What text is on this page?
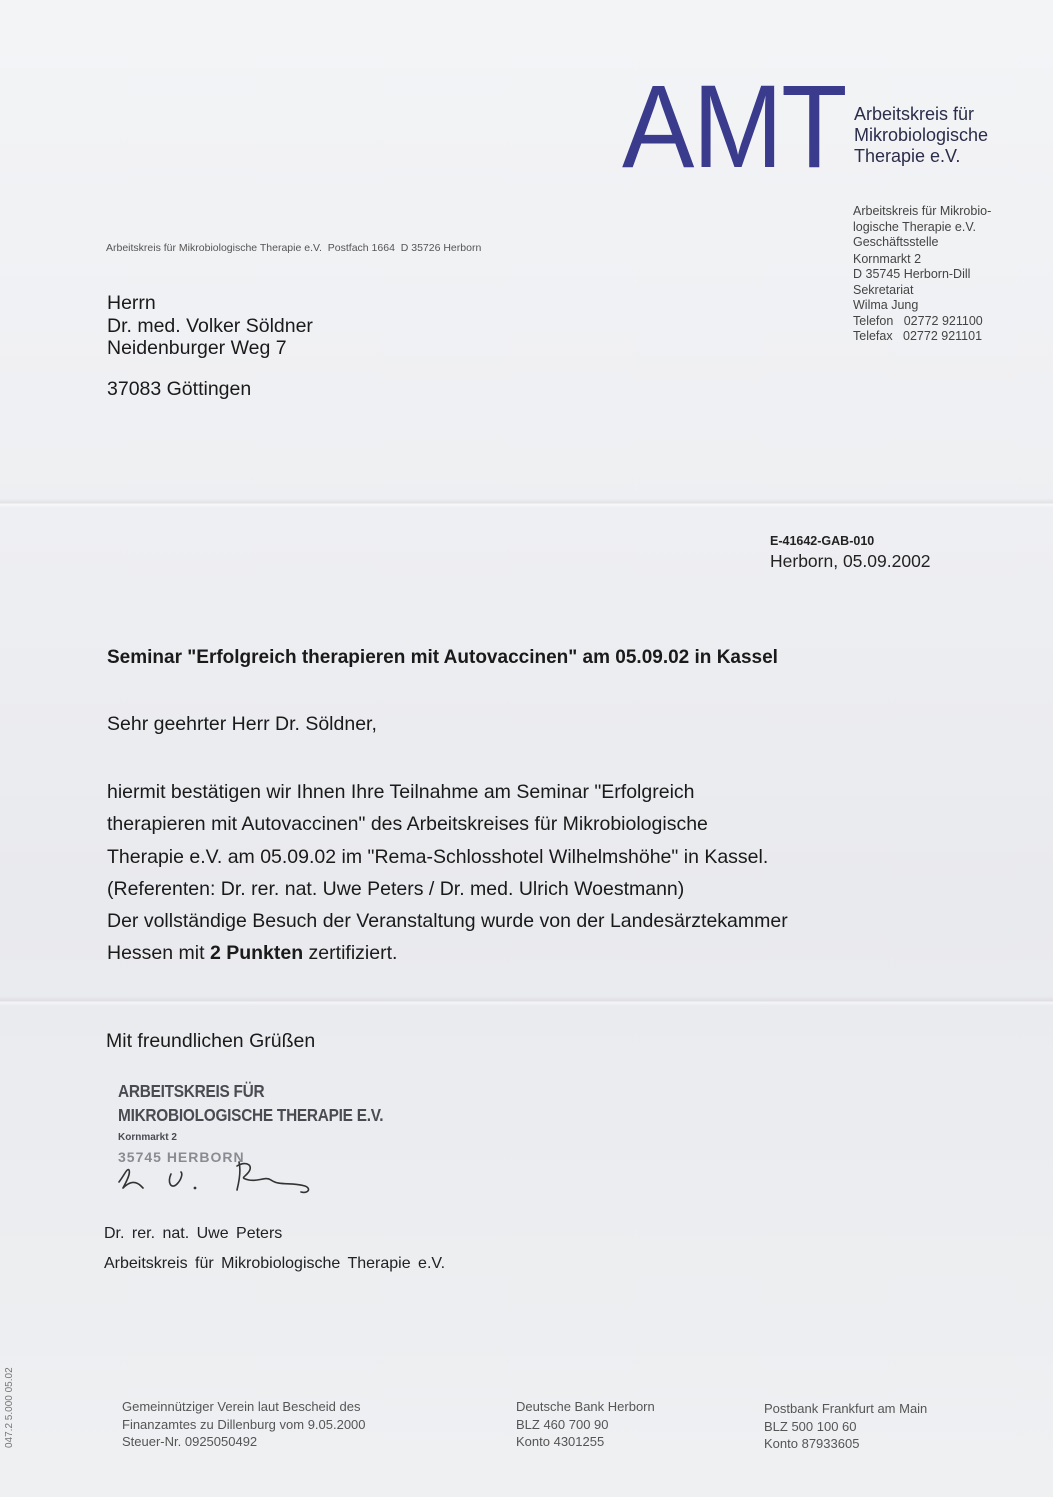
AMT Arbeitskreis für
Mikrobiologische
Therapie e.V.
Arbeitskreis für Mikrobio-
logische Therapie e.V.
Geschäftsstelle
Kornmarkt 2
D 35745 Herborn-Dill
Sekretariat
Wilma Jung
Telefon   02772 921100
Telefax   02772 921101
Arbeitskreis für Mikrobiologische Therapie e.V.  Postfach 1664  D 35726 Herborn
Herrn
Dr. med. Volker Söldner
Neidenburger Weg 7
37083 Göttingen
E-41642-GAB-010
Herborn, 05.09.2002
Seminar "Erfolgreich therapieren mit Autovaccinen" am 05.09.02 in Kassel
Sehr geehrter Herr Dr. Söldner,

hiermit bestätigen wir Ihnen Ihre Teilnahme am Seminar "Erfolgreich

therapieren mit Autovaccinen" des Arbeitskreises für Mikrobiologische

Therapie e.V. am 05.09.02 im "Rema-Schlosshotel Wilhelmshöhe" in Kassel.

(Referenten: Dr. rer. nat. Uwe Peters / Dr. med. Ulrich Woestmann)

Der vollständige Besuch der Veranstaltung wurde von der Landesärztekammer

Hessen mit 2 Punkten zertifiziert.

Mit freundlichen Grüßen
ARBEITSKREIS FÜR
MIKROBIOLOGISCHE THERAPIE E.V.
Kornmarkt 2
35745 HERBORN
Dr. rer. nat. Uwe Peters
Arbeitskreis für Mikrobiologische Therapie e.V.
Gemeinnütziger Verein laut Bescheid des
Finanzamtes zu Dillenburg vom 9.05.2000
Steuer-Nr. 0925050492
Deutsche Bank Herborn
BLZ 460 700 90
Konto 4301255
Postbank Frankfurt am Main
BLZ 500 100 60
Konto 87933605
047.2 5.000 05.02
